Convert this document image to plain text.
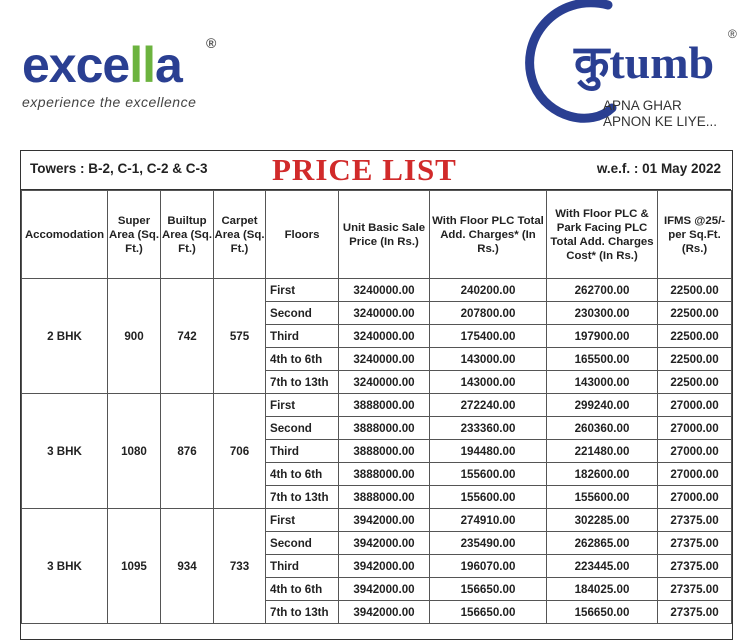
excella ®
experience the excellence
कुtumb
®
APNA GHAR
APNON KE LIYE...
Towers : B-2, C-1, C-2 & C-3 PRICE LIST	w.e.f. : 01 May 2022
Accomodation	Super Area (Sq. Ft.)	Builtup Area (Sq. Ft.)	Carpet Area (Sq. Ft.)	Floors	Unit Basic Sale Price (In Rs.)	With Floor PLC Total Add. Charges* (In Rs.)	With Floor PLC & Park Facing PLC Total Add. Charges Cost* (In Rs.)	IFMS @25/- per Sq.Ft. (Rs.)
2 BHK	900	742	575	First	3240000.00	240200.00	262700.00	22500.00
				Second	3240000.00	207800.00	230300.00	22500.00
				Third	3240000.00	175400.00	197900.00	22500.00
				4th to 6th	3240000.00	143000.00	165500.00	22500.00
				7th to 13th	3240000.00	143000.00	143000.00	22500.00
3 BHK	1080	876	706	First	3888000.00	272240.00	299240.00	27000.00
				Second	3888000.00	233360.00	260360.00	27000.00
				Third	3888000.00	194480.00	221480.00	27000.00
				4th to 6th	3888000.00	155600.00	182600.00	27000.00
				7th to 13th	3888000.00	155600.00	155600.00	27000.00
3 BHK	1095	934	733	First	3942000.00	274910.00	302285.00	27375.00
				Second	3942000.00	235490.00	262865.00	27375.00
				Third	3942000.00	196070.00	223445.00	27375.00
				4th to 6th	3942000.00	156650.00	184025.00	27375.00
				7th to 13th	3942000.00	156650.00	156650.00	27375.00
